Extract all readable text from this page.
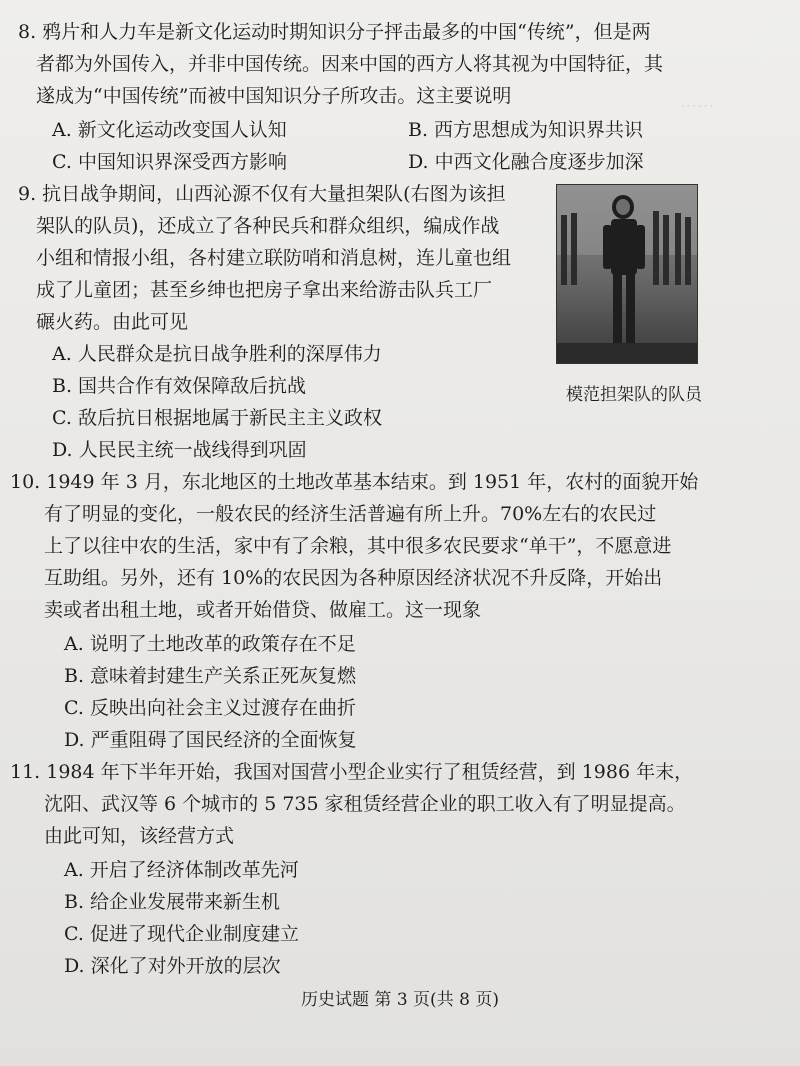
……
8. 鸦片和人力车是新文化运动时期知识分子抨击最多的中国“传统”，但是两
者都为外国传入，并非中国传统。因来中国的西方人将其视为中国特征，其
遂成为“中国传统”而被中国知识分子所攻击。这主要说明
A. 新文化运动改变国人认知	B. 西方思想成为知识界共识
C. 中国知识界深受西方影响	D. 中西文化融合度逐步加深
9. 抗日战争期间，山西沁源不仅有大量担架队(右图为该担
架队的队员)，还成立了各种民兵和群众组织，编成作战
小组和情报小组，各村建立联防哨和消息树，连儿童也组
成了儿童团；甚至乡绅也把房子拿出来给游击队兵工厂
碾火药。由此可见
模范担架队的队员
A. 人民群众是抗日战争胜利的深厚伟力
B. 国共合作有效保障敌后抗战
C. 敌后抗日根据地属于新民主主义政权
D. 人民民主统一战线得到巩固
10. 1949 年 3 月，东北地区的土地改革基本结束。到 1951 年，农村的面貌开始
有了明显的变化，一般农民的经济生活普遍有所上升。70%左右的农民过
上了以往中农的生活，家中有了余粮，其中很多农民要求“单干”，不愿意进
互助组。另外，还有 10%的农民因为各种原因经济状况不升反降，开始出
卖或者出租土地，或者开始借贷、做雇工。这一现象
A. 说明了土地改革的政策存在不足
B. 意味着封建生产关系正死灰复燃
C. 反映出向社会主义过渡存在曲折
D. 严重阻碍了国民经济的全面恢复
11. 1984 年下半年开始，我国对国营小型企业实行了租赁经营，到 1986 年末，
沈阳、武汉等 6 个城市的 5 735 家租赁经营企业的职工收入有了明显提高。
由此可知，该经营方式
A. 开启了经济体制改革先河
B. 给企业发展带来新生机
C. 促进了现代企业制度建立
D. 深化了对外开放的层次
历史试题 第 3 页(共 8 页)
